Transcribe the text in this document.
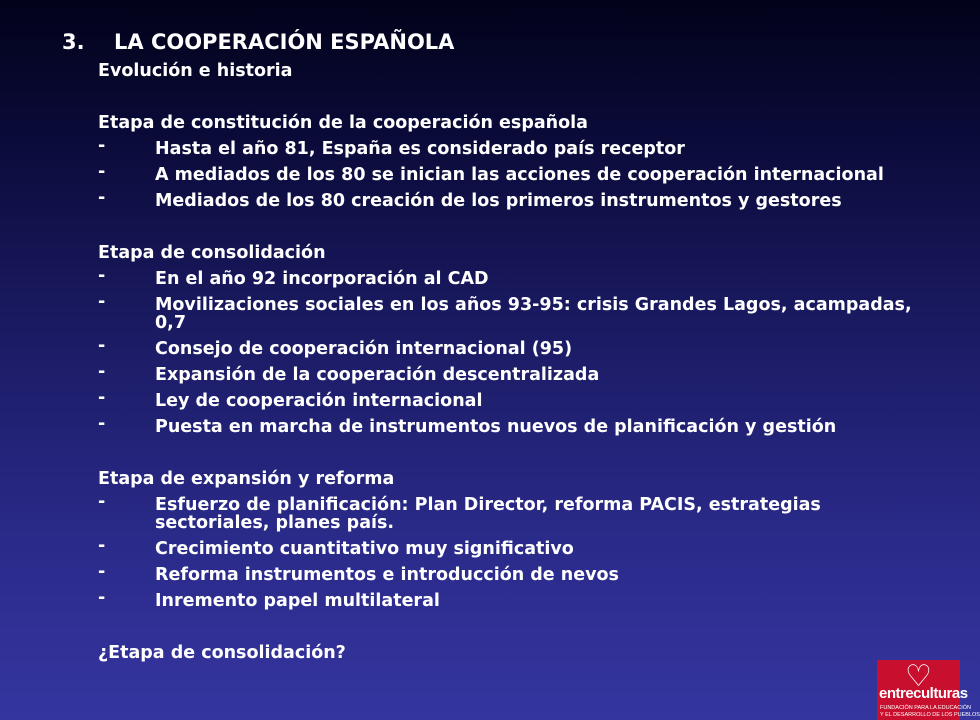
3. LA COOPERACIÓN ESPAÑOLA
Evolución e historia
Etapa de constitución de la cooperación española
-	Hasta el año 81, España es considerado país receptor
-	A mediados de los 80 se inician las acciones de cooperación internacional
-	Mediados de los 80 creación de los primeros instrumentos y gestores
Etapa de consolidación
-	En el año 92 incorporación al CAD
-	Movilizaciones sociales en los años 93-95: crisis Grandes Lagos, acampadas, 0,7
-	Consejo de cooperación internacional (95)
-	Expansión de la cooperación descentralizada
-	Ley de cooperación internacional
-	Puesta en marcha de instrumentos nuevos de planificación y gestión
Etapa de expansión y reforma
-	Esfuerzo de planificación: Plan Director, reforma PACIS, estrategias sectoriales, planes país.
-	Crecimiento cuantitativo muy significativo
-	Reforma instrumentos e introducción de nevos
-	Inremento papel multilateral
¿Etapa de consolidación?
♡
entreculturas
FUNDACIÓN PARA LA EDUCACIÓN
Y EL DESARROLLO DE LOS PUEBLOS
